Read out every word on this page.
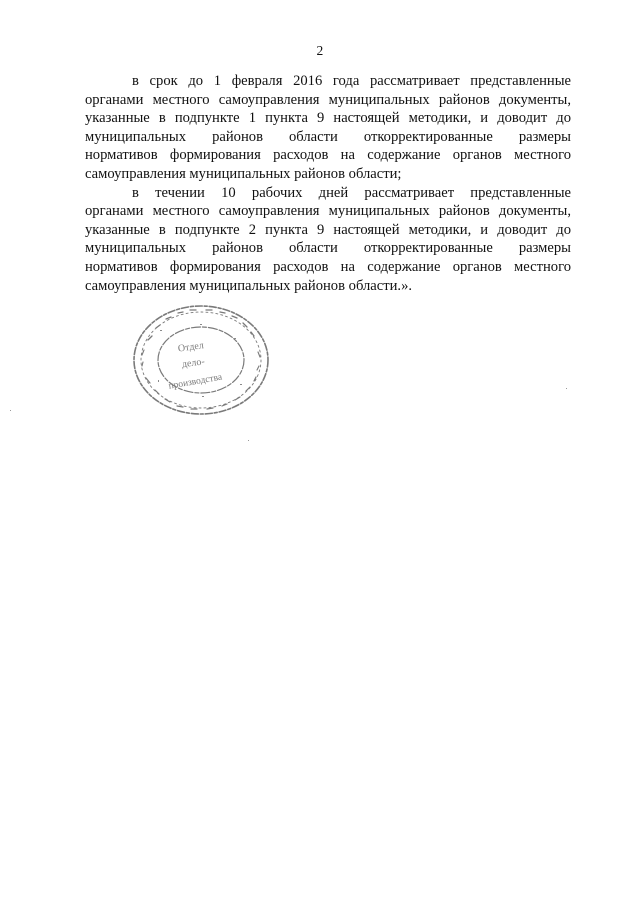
2

в срок до 1 февраля 2016 года рассматривает представленные
органами местного самоуправления муниципальных районов документы,
указанные в подпункте 1 пункта 9 настоящей методики, и доводит до
муниципальных районов области откорректированные размеры
нормативов формирования расходов на содержание органов местного
самоуправления муниципальных районов области;

в течении 10 рабочих дней рассматривает представленные
органами местного самоуправления муниципальных районов документы,
указанные в подпункте 2 пункта 9 настоящей методики, и доводит до
муниципальных районов области откорректированные размеры
нормативов формирования расходов на содержание органов местного
самоуправления муниципальных районов области.».

Отдел
дело-
производства
